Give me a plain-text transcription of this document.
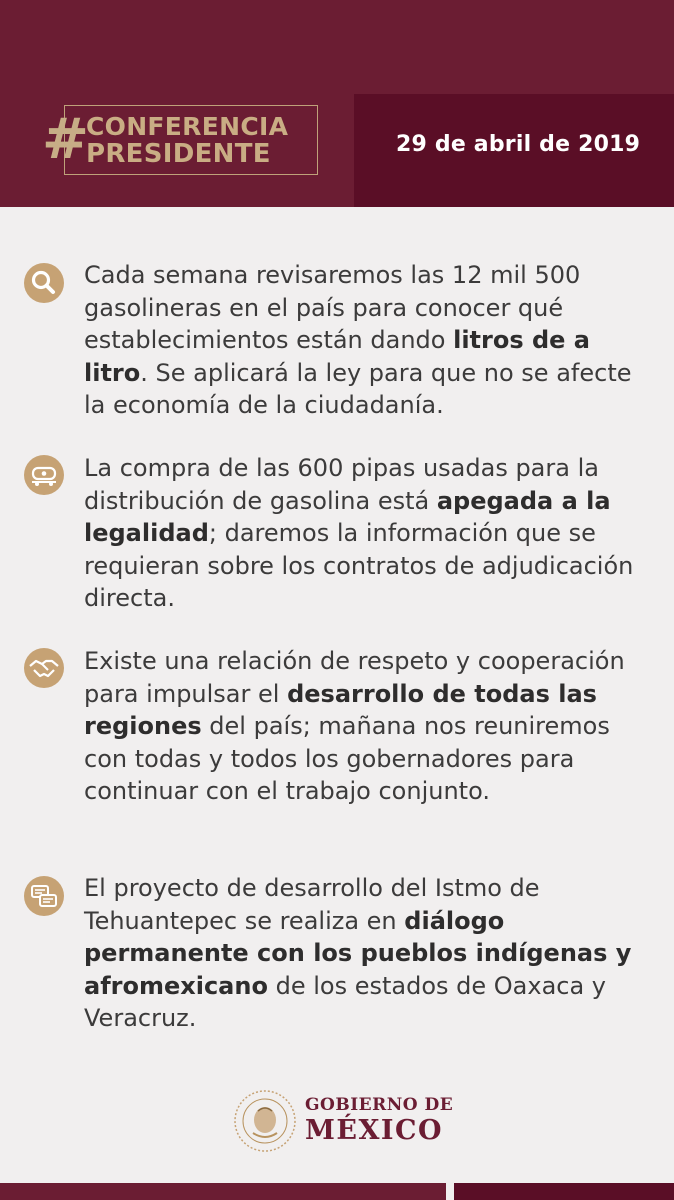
#
CONFERENCIA
PRESIDENTE	29 de abril de 2019
Cada semana revisaremos las 12 mil 500 gasolineras en el país para conocer qué establecimientos están dando litros de a litro. Se aplicará la ley para que no se afecte la economía de la ciudadanía.
La compra de las 600 pipas usadas para la distribución de gasolina está apegada a la legalidad; daremos la información que se requieran sobre los contratos de adjudicación directa.
Existe una relación de respeto y cooperación para impulsar el desarrollo de todas las regiones del país; mañana nos reuniremos con todas y todos los gobernadores para continuar con el trabajo conjunto.
El proyecto de desarrollo del Istmo de Tehuantepec se realiza en diálogo permanente con los pueblos indígenas y afromexicano de los estados de Oaxaca y Veracruz.
GOBIERNO DE
MÉXICO
